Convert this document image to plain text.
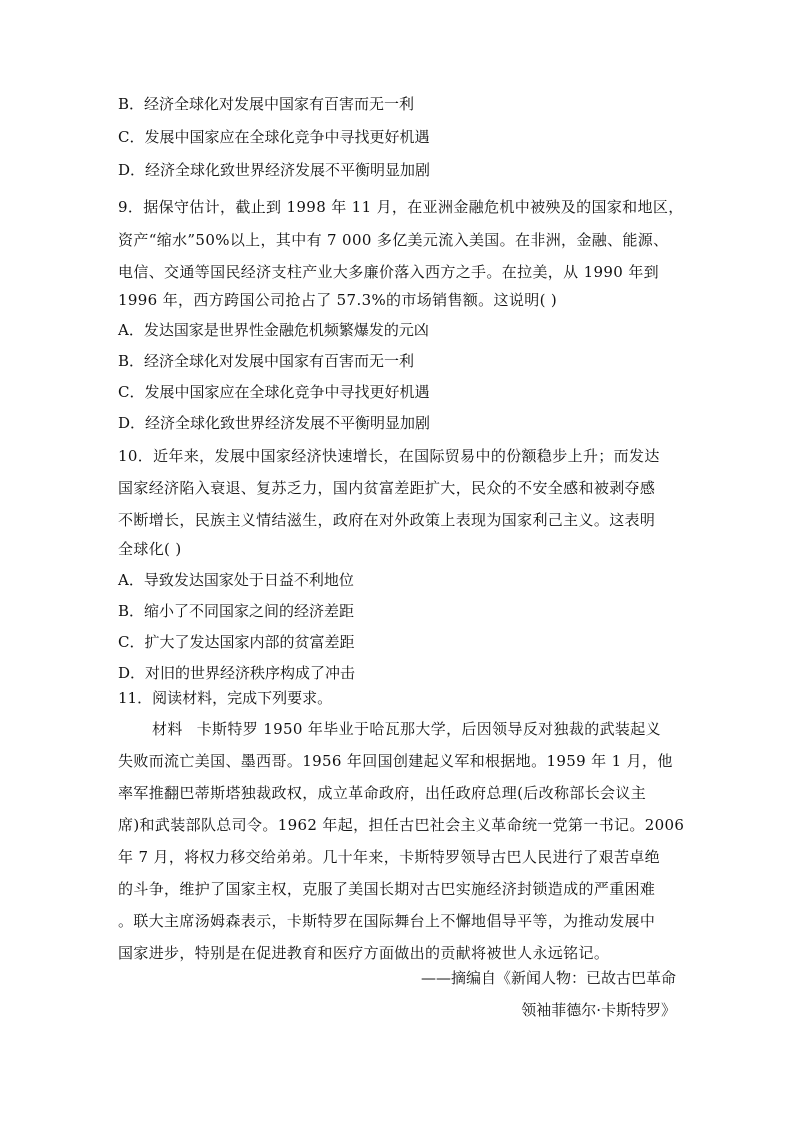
B．经济全球化对发展中国家有百害而无一利
C．发展中国家应在全球化竞争中寻找更好机遇
D．经济全球化致世界经济发展不平衡明显加剧
9．据保守估计，截止到 1998 年 11 月，在亚洲金融危机中被殃及的国家和地区，
资产“缩水”50%以上，其中有 7 000 多亿美元流入美国。在非洲，金融、能源、
电信、交通等国民经济支柱产业大多廉价落入西方之手。在拉美，从 1990 年到
1996 年，西方跨国公司抢占了 57.3%的市场销售额。这说明( )
A．发达国家是世界性金融危机频繁爆发的元凶
B．经济全球化对发展中国家有百害而无一利
C．发展中国家应在全球化竞争中寻找更好机遇
D．经济全球化致世界经济发展不平衡明显加剧
10．近年来，发展中国家经济快速增长，在国际贸易中的份额稳步上升；而发达
国家经济陷入衰退、复苏乏力，国内贫富差距扩大，民众的不安全感和被剥夺感
不断增长，民族主义情结滋生，政府在对外政策上表现为国家利己主义。这表明
全球化( )
A．导致发达国家处于日益不利地位
B．缩小了不同国家之间的经济差距
C．扩大了发达国家内部的贫富差距
D．对旧的世界经济秩序构成了冲击
11．阅读材料，完成下列要求。
材料 卡斯特罗 1950 年毕业于哈瓦那大学，后因领导反对独裁的武装起义
失败而流亡美国、墨西哥。1956 年回国创建起义军和根据地。1959 年 1 月，他
率军推翻巴蒂斯塔独裁政权，成立革命政府，出任政府总理(后改称部长会议主
席)和武装部队总司令。1962 年起，担任古巴社会主义革命统一党第一书记。2006
年 7 月，将权力移交给弟弟。几十年来，卡斯特罗领导古巴人民进行了艰苦卓绝
的斗争，维护了国家主权，克服了美国长期对古巴实施经济封锁造成的严重困难
。联大主席汤姆森表示，卡斯特罗在国际舞台上不懈地倡导平等，为推动发展中
国家进步，特别是在促进教育和医疗方面做出的贡献将被世人永远铭记。
——摘编自《新闻人物：已故古巴革命
领袖菲德尔·卡斯特罗》
